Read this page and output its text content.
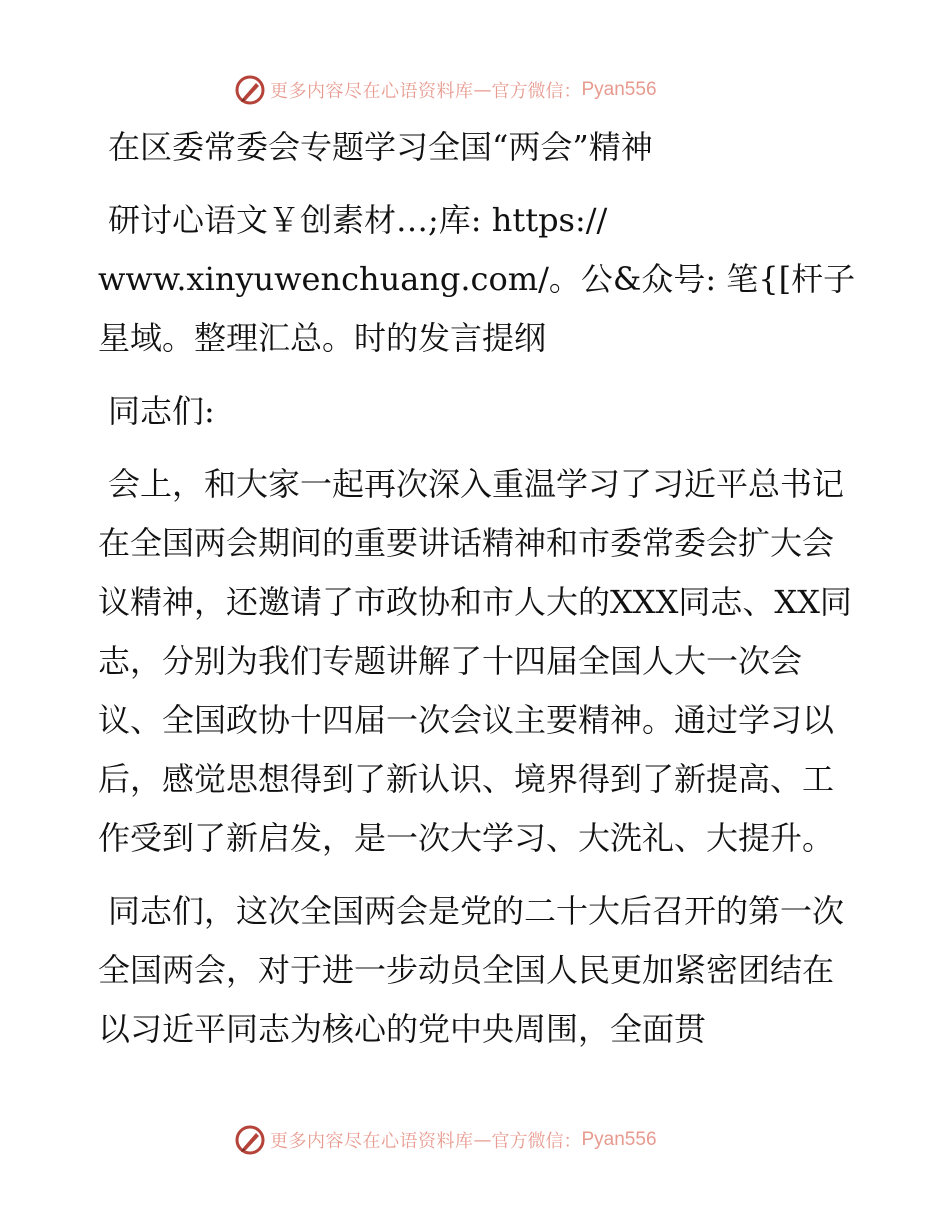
更多内容尽在心语资料库 — 官方微信： Pyan556

在区委常委会专题学习全国“两会”精神

研讨心语文￥创素材…;库: https:// www.xinyuwenchuang.com/。公&众号: 笔{[杆子星域。整理汇总。时的发言提纲

同志们:

会上，和大家一起再次深入重温学习了习近平总书记在全国两会期间的重要讲话精神和市委常委会扩大会议精神，还邀请了市政协和市人大的XXX同志、XX同志，分别为我们专题讲解了十四届全国人大一次会议、全国政协十四届一次会议主要精神。通过学习以后，感觉思想得到了新认识、境界得到了新提高、工作受到了新启发，是一次大学习、大洗礼、大提升。

同志们，这次全国两会是党的二十大后召开的第一次全国两会，对于进一步动员全国人民更加紧密团结在以习近平同志为核心的党中央周围，全面贯

更多内容尽在心语资料库 — 官方微信： Pyan556
